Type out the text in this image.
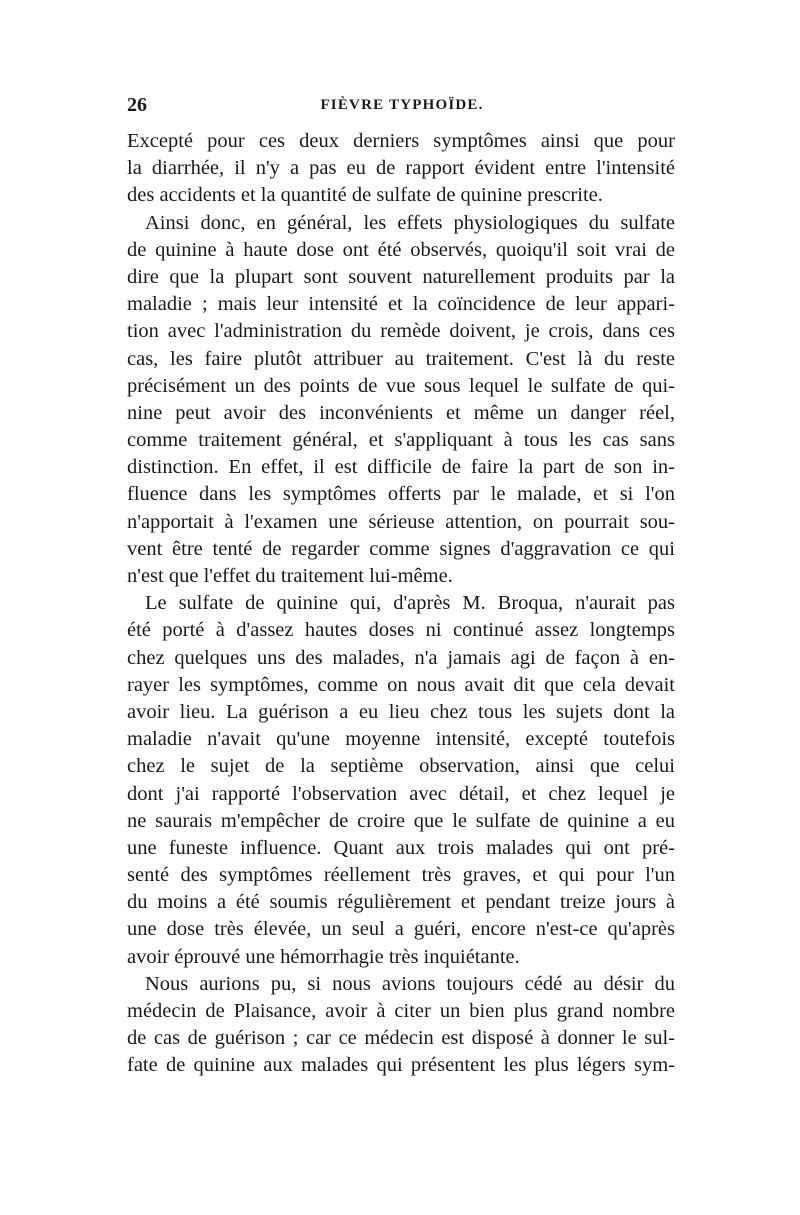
26	FIÈVRE TYPHOÏDE.
Excepté pour ces deux derniers symptômes ainsi que pour
la diarrhée, il n'y a pas eu de rapport évident entre l'intensité
des accidents et la quantité de sulfate de quinine prescrite.
Ainsi donc, en général, les effets physiologiques du sulfate
de quinine à haute dose ont été observés, quoiqu'il soit vrai de
dire que la plupart sont souvent naturellement produits par la
maladie ; mais leur intensité et la coïncidence de leur appari-
tion avec l'administration du remède doivent, je crois, dans ces
cas, les faire plutôt attribuer au traitement. C'est là du reste
précisément un des points de vue sous lequel le sulfate de qui-
nine peut avoir des inconvénients et même un danger réel,
comme traitement général, et s'appliquant à tous les cas sans
distinction. En effet, il est difficile de faire la part de son in-
fluence dans les symptômes offerts par le malade, et si l'on
n'apportait à l'examen une sérieuse attention, on pourrait sou-
vent être tenté de regarder comme signes d'aggravation ce qui
n'est que l'effet du traitement lui-même.
Le sulfate de quinine qui, d'après M. Broqua, n'aurait pas
été porté à d'assez hautes doses ni continué assez longtemps
chez quelques uns des malades, n'a jamais agi de façon à en-
rayer les symptômes, comme on nous avait dit que cela devait
avoir lieu. La guérison a eu lieu chez tous les sujets dont la
maladie n'avait qu'une moyenne intensité, excepté toutefois
chez le sujet de la septième observation, ainsi que celui
dont j'ai rapporté l'observation avec détail, et chez lequel je
ne saurais m'empêcher de croire que le sulfate de quinine a eu
une funeste influence. Quant aux trois malades qui ont pré-
senté des symptômes réellement très graves, et qui pour l'un
du moins a été soumis régulièrement et pendant treize jours à
une dose très élevée, un seul a guéri, encore n'est-ce qu'après
avoir éprouvé une hémorrhagie très inquiétante.
Nous aurions pu, si nous avions toujours cédé au désir du
médecin de Plaisance, avoir à citer un bien plus grand nombre
de cas de guérison ; car ce médecin est disposé à donner le sul-
fate de quinine aux malades qui présentent les plus légers sym-
